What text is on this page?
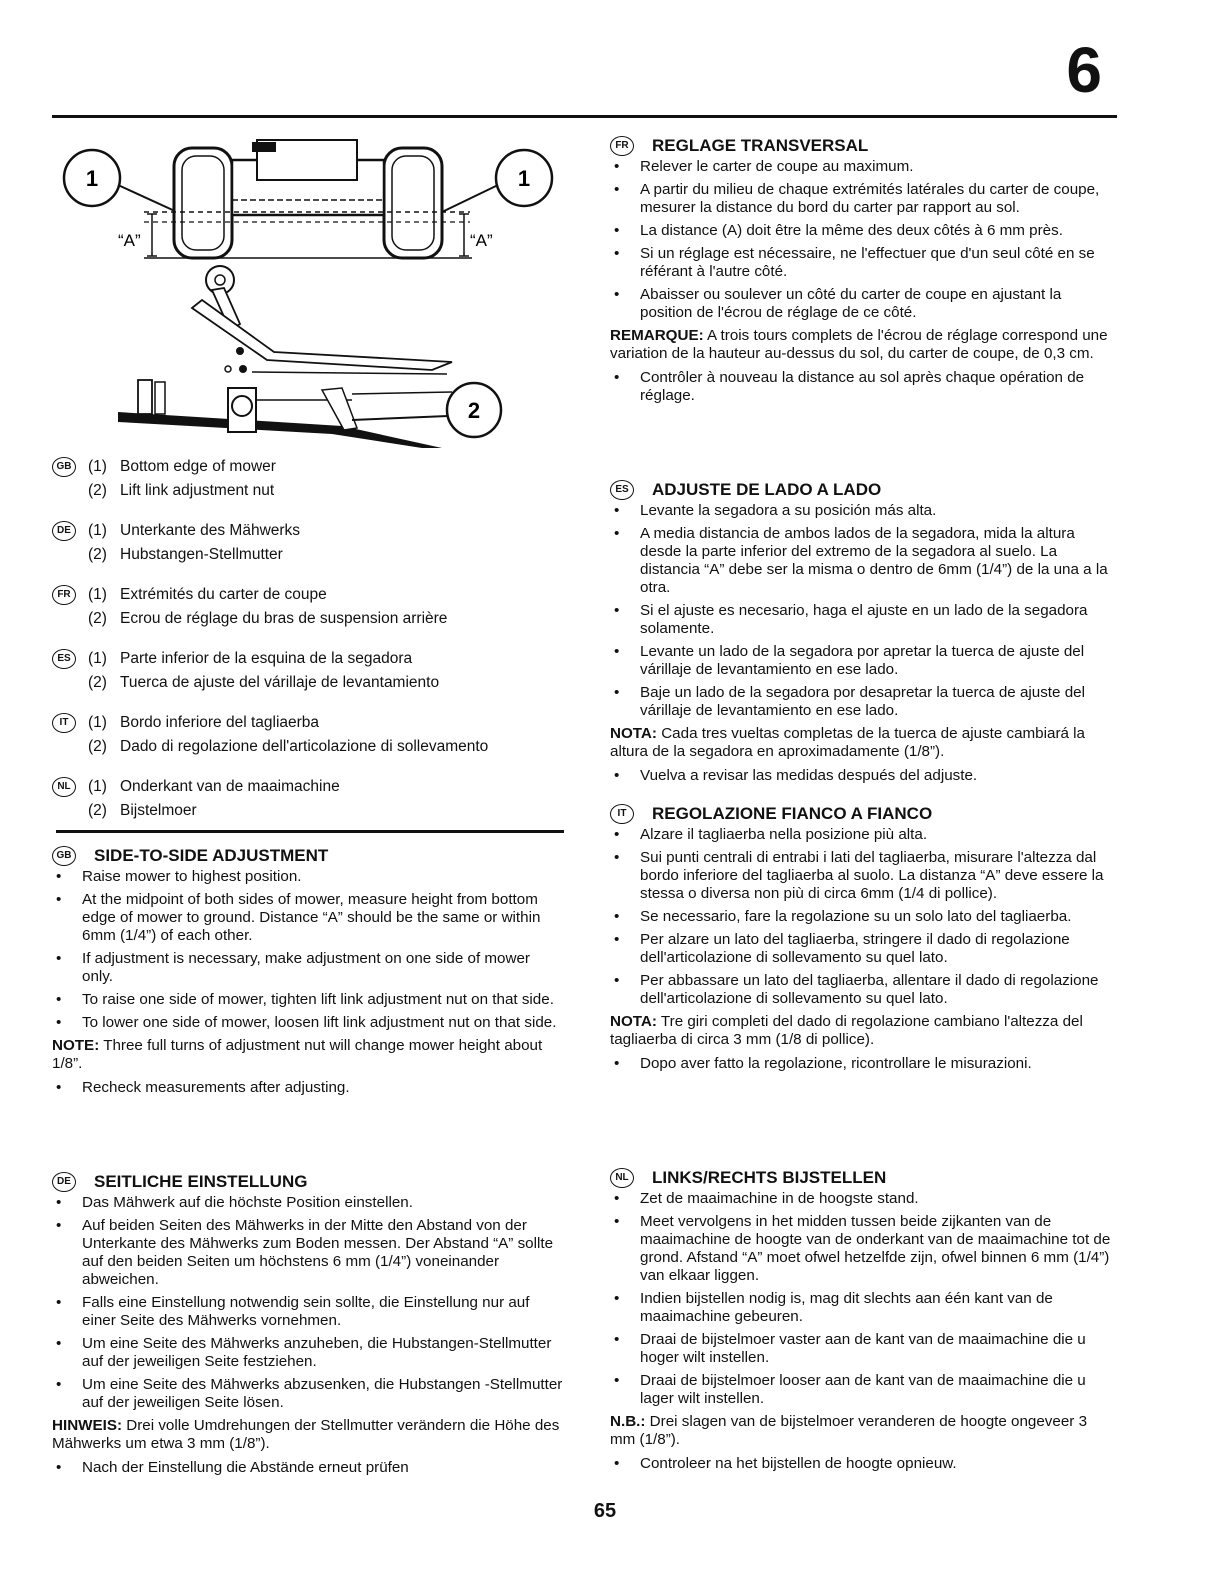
6
1	1
“A”	“A”
2
GB	(1) Bottom edge of mower
(2) Lift link adjustment nut
DE	(1) Unterkante des Mähwerks
(2) Hubstangen-Stellmutter
FR	(1) Extrémités du carter de coupe
(2) Ecrou de réglage du bras de suspension arrière
ES	(1) Parte inferior de la esquina de la segadora
(2) Tuerca de ajuste del várillaje de levantamiento
IT	(1) Bordo inferiore del tagliaerba
(2) Dado di regolazione dell'articolazione di sollevamento
NL	(1) Onderkant van de maaimachine
(2) Bijstelmoer
GB SIDE-TO-SIDE ADJUSTMENT
• Raise mower to highest position.
• At the midpoint of both sides of mower, measure height from bottom edge of mower to ground. Distance “A” should be the same or within 6mm (1/4”) of each other.
• If adjustment is necessary, make adjustment on one side of mower only.
• To raise one side of mower, tighten lift link adjustment nut on that side.
• To lower one side of mower, loosen lift link adjustment nut on that side.
NOTE: Three full turns of adjustment nut will change mower height about 1/8”.
• Recheck measurements after adjusting.
DE SEITLICHE EINSTELLUNG
• Das Mähwerk auf die höchste Position einstellen.
• Auf beiden Seiten des Mähwerks in der Mitte den Abstand von der Unterkante des Mähwerks zum Boden messen. Der Abstand “A” sollte auf den beiden Seiten um höchstens 6 mm (1/4”) voneinander abweichen.
• Falls eine Einstellung notwendig sein sollte, die Einstellung nur auf einer Seite des Mähwerks vornehmen.
• Um eine Seite des Mähwerks anzuheben, die Hubstangen-Stellmutter auf der jeweiligen Seite festziehen.
• Um eine Seite des Mähwerks abzusenken, die Hubstangen -Stellmutter auf der jeweiligen Seite lösen.
HINWEIS: Drei volle Umdrehungen der Stellmutter verändern die Höhe des Mähwerks um etwa 3 mm (1/8”).
• Nach der Einstellung die Abstände erneut prüfen
FR	REGLAGE TRANSVERSAL
• Relever le carter de coupe au maximum.
• A partir du milieu de chaque extrémités latérales du carter de coupe, mesurer la distance du bord du carter par rapport au sol.
• La distance (A) doit être la même des deux côtés à 6 mm près.
• Si un réglage est nécessaire, ne l'effectuer que d'un seul côté en se référant à l'autre côté.
• Abaisser ou soulever un côté du carter de coupe en ajustant la position de l'écrou de réglage de ce côté.
REMARQUE: A trois tours complets de l'écrou de réglage correspond une variation de la hauteur au-dessus du sol, du carter de coupe, de 0,3 cm.
• Contrôler à nouveau la distance au sol après chaque opération de réglage.
ES	ADJUSTE DE LADO A LADO
• Levante la segadora a su posición más alta.
• A media distancia de ambos lados de la segadora, mida la altura desde la parte inferior del extremo de la segadora al suelo. La distancia “A” debe ser la misma o dentro de 6mm (1/4”) de la una a la otra.
• Si el ajuste es necesario, haga el ajuste en un lado de la segadora solamente.
• Levante un lado de la segadora por apretar la tuerca de ajuste del várillaje de levantamiento en ese lado.
• Baje un lado de la segadora por desapretar la tuerca de ajuste del várillaje de levantamiento en ese lado.
NOTA: Cada tres vueltas completas de la tuerca de ajuste cambiará la altura de la segadora en aproximadamente (1/8”).
• Vuelva a revisar las medidas después del adjuste.
IT	REGOLAZIONE FIANCO A FIANCO
• Alzare il tagliaerba nella posizione più alta.
• Sui punti centrali di entrabi i lati del tagliaerba, misurare l'altezza dal bordo inferiore del tagliaerba al suolo. La distanza “A” deve essere la stessa o diversa non più di circa 6mm (1/4 di pollice).
• Se necessario, fare la regolazione su un solo lato del tagliaerba.
• Per alzare un lato del tagliaerba, stringere il dado di regolazione dell'articolazione di sollevamento su quel lato.
• Per abbassare un lato del tagliaerba, allentare il dado di regolazione dell'articolazione di sollevamento su quel lato.
NOTA: Tre giri completi del dado di regolazione cambiano l'altezza del tagliaerba di circa 3 mm (1/8 di pollice).
• Dopo aver fatto la regolazione, ricontrollare le misurazioni.
NL	LINKS/RECHTS BIJSTELLEN
• Zet de maaimachine in de hoogste stand.
• Meet vervolgens in het midden tussen beide zijkanten van de maaimachine de hoogte van de onderkant van de maaimachine tot de grond. Afstand “A” moet ofwel hetzelfde zijn, ofwel binnen 6 mm (1/4”) van elkaar liggen.
• Indien bijstellen nodig is, mag dit slechts aan één kant van de maaimachine gebeuren.
• Draai de bijstelmoer vaster aan de kant van de maaimachine die u hoger wilt instellen.
• Draai de bijstelmoer looser aan de kant van de maaimachine die u lager wilt instellen.
N.B.: Drei slagen van de bijstelmoer veranderen de hoogte ongeveer 3 mm (1/8”).
• Controleer na het bijstellen de hoogte opnieuw.
65
